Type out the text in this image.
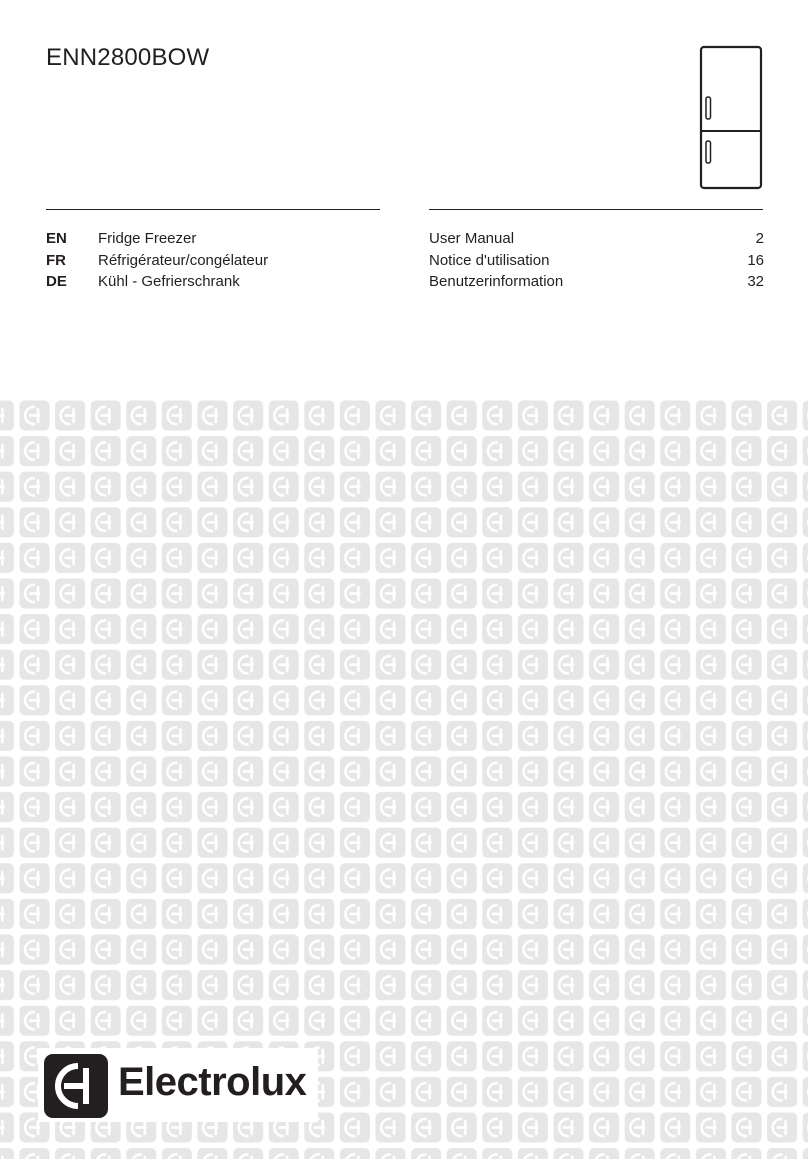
ENN2800BOW
EN Fridge Freezer	User Manual	2
FR Réfrigérateur/congélateur	Notice d'utilisation	16
DE Kühl - Gefrierschrank	Benutzerinformation	32
Electrolux
